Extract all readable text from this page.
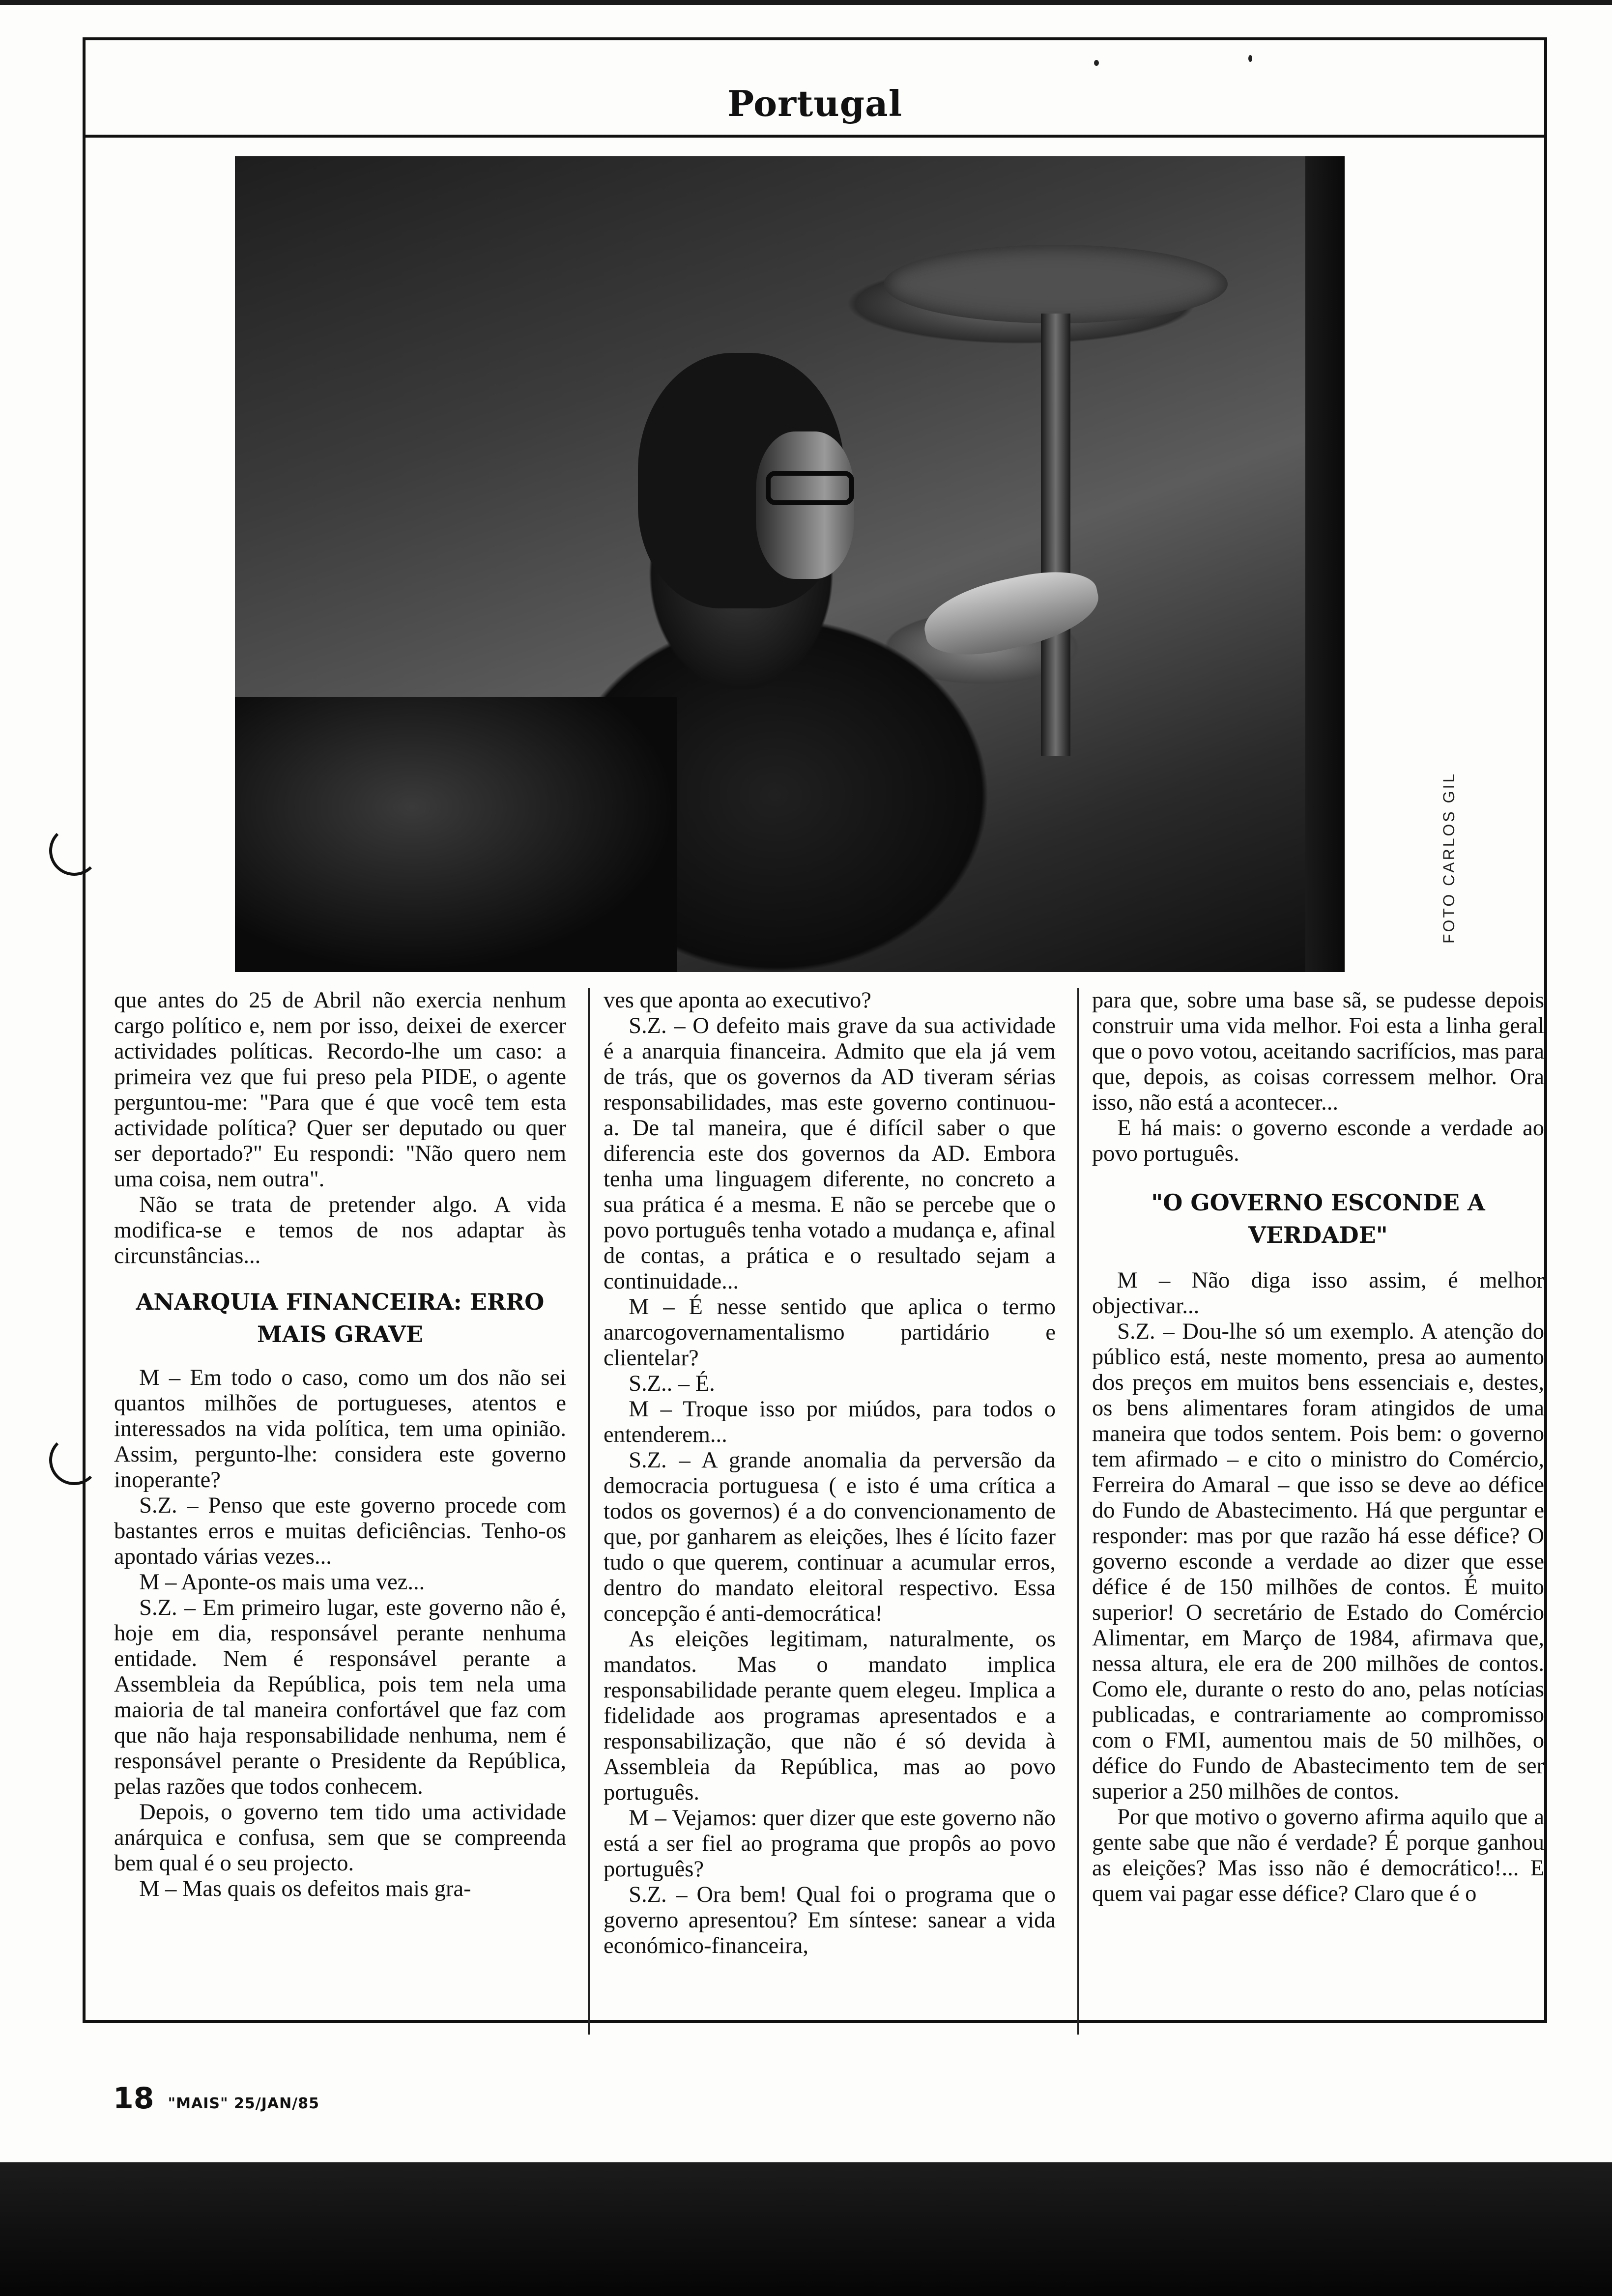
Portugal
FOTO CARLOS GIL

que antes do 25 de Abril não exercia nenhum cargo político e, nem por isso, deixei de exercer actividades políticas. Recordo-lhe um caso: a primeira vez que fui preso pela PIDE, o agente perguntou-me: "Para que é que você tem esta actividade política? Quer ser deputado ou quer ser deportado?" Eu respondi: "Não quero nem uma coisa, nem outra".

Não se trata de pretender algo. A vida modifica-se e temos de nos adaptar às circunstâncias...

ANARQUIA FINANCEIRA: ERRO MAIS GRAVE

M – Em todo o caso, como um dos não sei quantos milhões de portugueses, atentos e interessados na vida política, tem uma opinião. Assim, pergunto-lhe: considera este governo inoperante?

S.Z. – Penso que este governo procede com bastantes erros e muitas deficiências. Tenho-os apontado várias vezes...

M – Aponte-os mais uma vez...

S.Z. – Em primeiro lugar, este governo não é, hoje em dia, responsável perante nenhuma entidade. Nem é responsável perante a Assembleia da República, pois tem nela uma maioria de tal maneira confortável que faz com que não haja responsabilidade nenhuma, nem é responsável perante o Presidente da República, pelas razões que todos conhecem.

Depois, o governo tem tido uma actividade anárquica e confusa, sem que se compreenda bem qual é o seu projecto.

M – Mas quais os defeitos mais gra-

ves que aponta ao executivo?

S.Z. – O defeito mais grave da sua actividade é a anarquia financeira. Admito que ela já vem de trás, que os governos da AD tiveram sérias responsabilidades, mas este governo continuou-a. De tal maneira, que é difícil saber o que diferencia este dos governos da AD. Embora tenha uma linguagem diferente, no concreto a sua prática é a mesma. E não se percebe que o povo português tenha votado a mudança e, afinal de contas, a prática e o resultado sejam a continuidade...

M – É nesse sentido que aplica o termo anarcogovernamentalismo partidário e clientelar?

S.Z.. – É.

M – Troque isso por miúdos, para todos o entenderem...

S.Z. – A grande anomalia da perversão da democracia portuguesa ( e isto é uma crítica a todos os governos) é a do convencionamento de que, por ganharem as eleições, lhes é lícito fazer tudo o que querem, continuar a acumular erros, dentro do mandato eleitoral respectivo. Essa concepção é anti-democrática!

As eleições legitimam, naturalmente, os mandatos. Mas o mandato implica responsabilidade perante quem elegeu. Implica a fidelidade aos programas apresentados e a responsabilização, que não é só devida à Assembleia da República, mas ao povo português.

M – Vejamos: quer dizer que este governo não está a ser fiel ao programa que propôs ao povo português?

S.Z. – Ora bem! Qual foi o programa que o governo apresentou? Em síntese: sanear a vida económico-financeira,

para que, sobre uma base sã, se pudesse depois construir uma vida melhor. Foi esta a linha geral que o povo votou, aceitando sacrifícios, mas para que, depois, as coisas corressem melhor. Ora isso, não está a acontecer...

E há mais: o governo esconde a verdade ao povo português.

"O GOVERNO ESCONDE A VERDADE"

M – Não diga isso assim, é melhor objectivar...

S.Z. – Dou-lhe só um exemplo. A atenção do público está, neste momento, presa ao aumento dos preços em muitos bens essenciais e, destes, os bens alimentares foram atingidos de uma maneira que todos sentem. Pois bem: o governo tem afirmado – e cito o ministro do Comércio, Ferreira do Amaral – que isso se deve ao défice do Fundo de Abastecimento. Há que perguntar e responder: mas por que razão há esse défice? O governo esconde a verdade ao dizer que esse défice é de 150 milhões de contos. É muito superior! O secretário de Estado do Comércio Alimentar, em Março de 1984, afirmava que, nessa altura, ele era de 200 milhões de contos. Como ele, durante o resto do ano, pelas notícias publicadas, e contrariamente ao compromisso com o FMI, aumentou mais de 50 milhões, o défice do Fundo de Abastecimento tem de ser superior a 250 milhões de contos.

Por que motivo o governo afirma aquilo que a gente sabe que não é verdade? É porque ganhou as eleições? Mas isso não é democrático!... E quem vai pagar esse défice? Claro que é o

18 "MAIS" 25/JAN/85
